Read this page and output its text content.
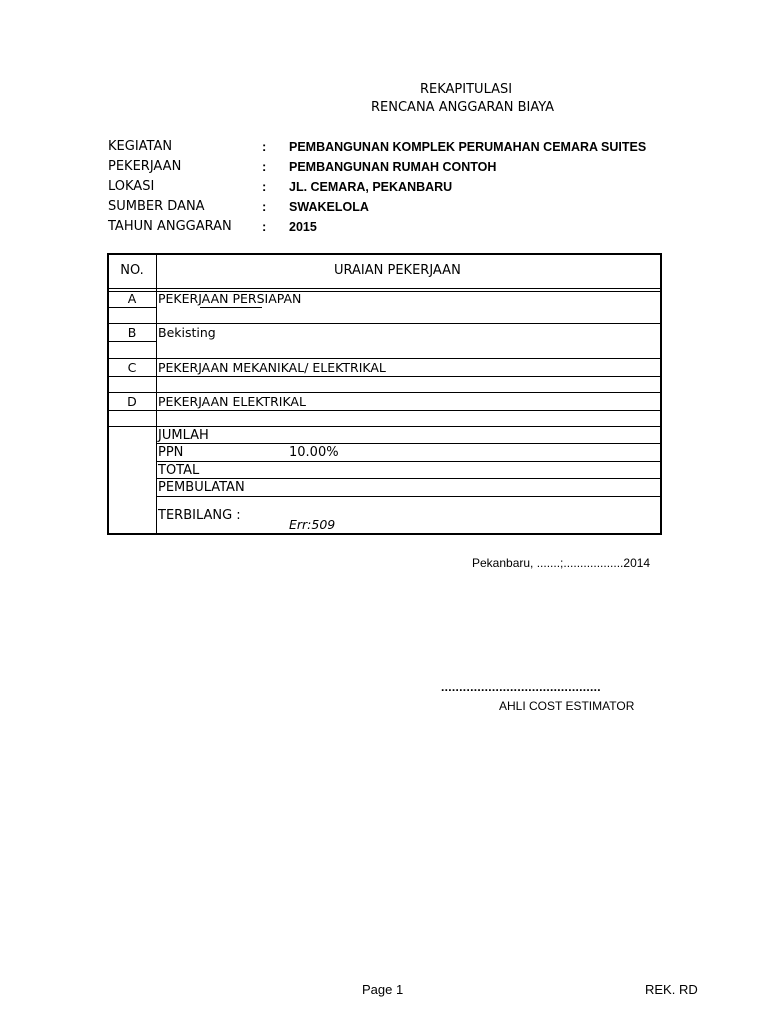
REKAPITULASI
RENCANA ANGGARAN BIAYA
KEGIATAN	: PEMBANGUNAN KOMPLEK PERUMAHAN CEMARA SUITES
PEKERJAAN	: PEMBANGUNAN RUMAH CONTOH
LOKASI	: JL. CEMARA, PEKANBARU
SUMBER DANA	: SWAKELOLA
TAHUN ANGGARAN : 2015
NO.	URAIAN PEKERJAAN
A	PEKERJAAN PERSIAPAN
B	Bekisting
C	PEKERJAAN MEKANIKAL/ ELEKTRIKAL
D	PEKERJAAN ELEKTRIKAL
JUMLAH
PPN	10.00%
TOTAL
PEMBULATAN
TERBILANG :
Err:509
Pekanbaru, .......;..................2014
............................................
AHLI COST ESTIMATOR
Page 1	REK. RD
